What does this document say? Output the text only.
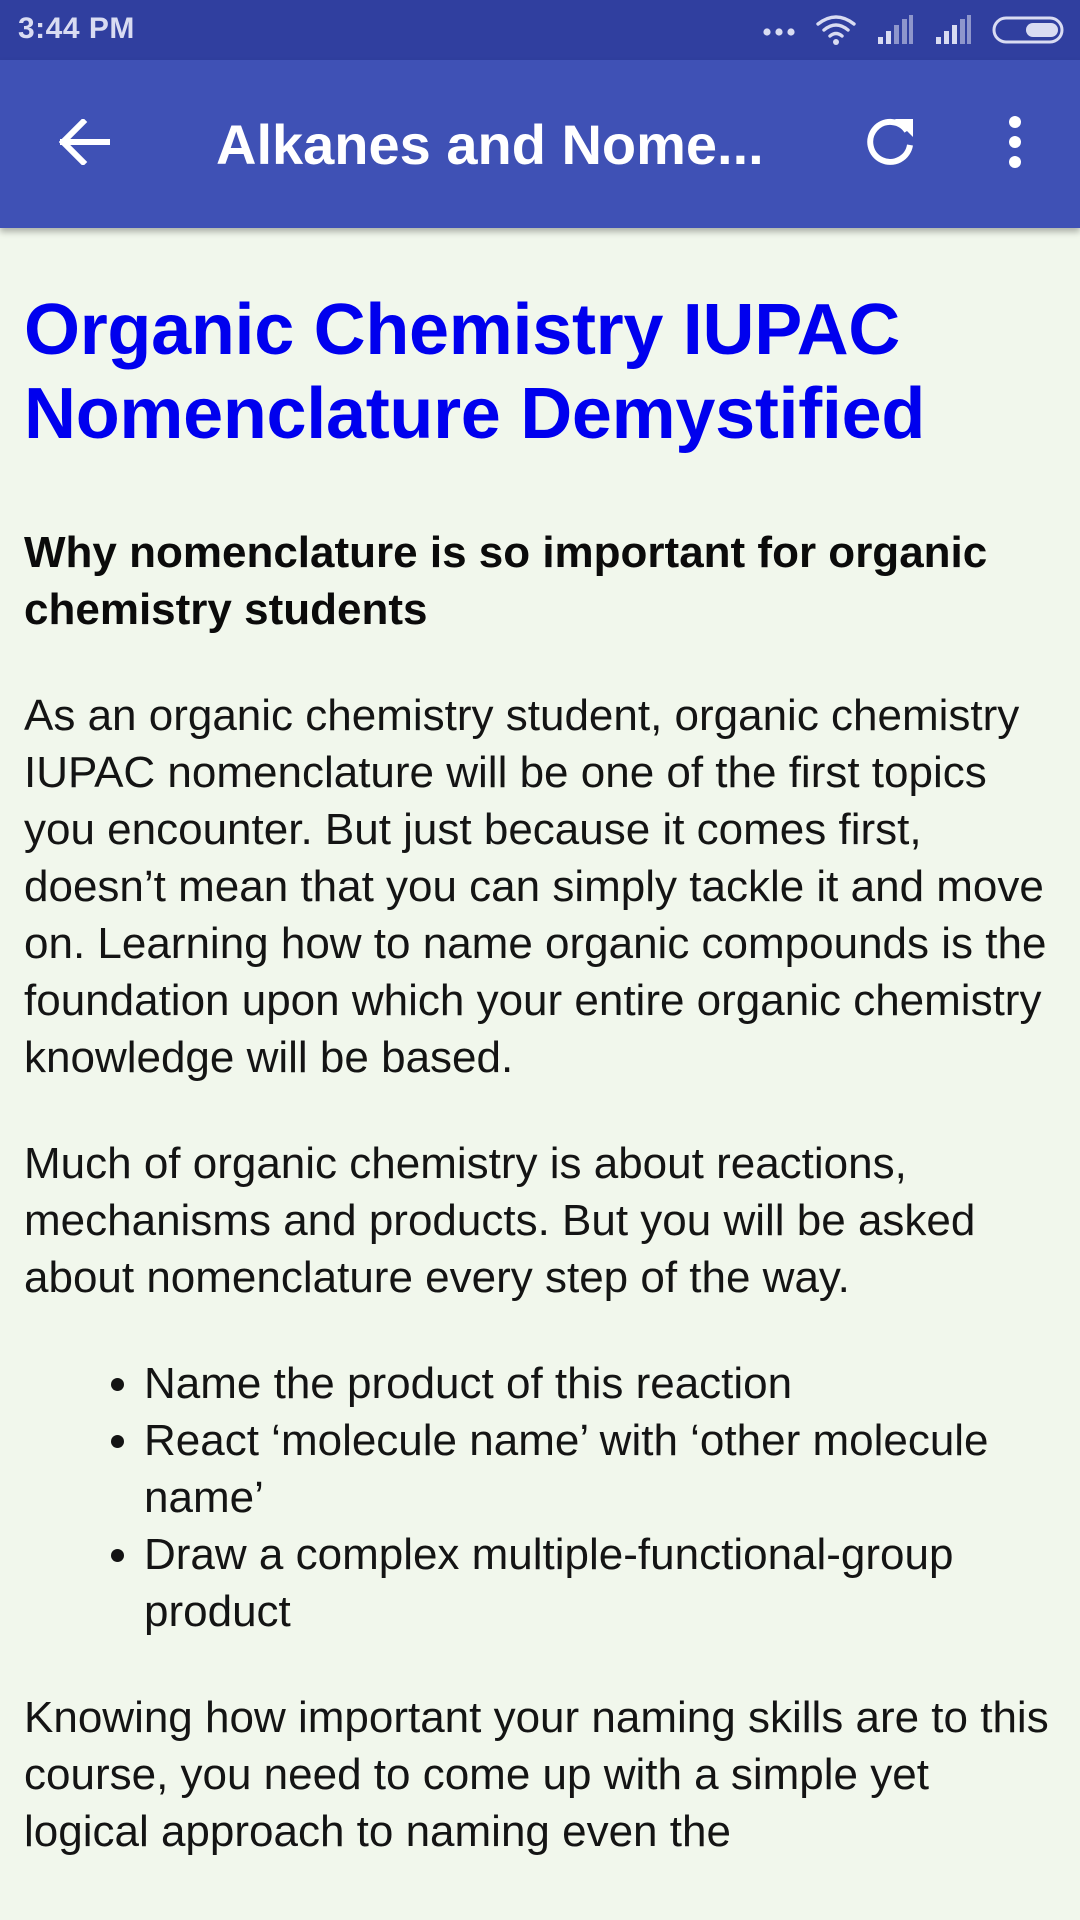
3:44 PM
Alkanes and Nome...
Organic Chemistry IUPAC Nomenclature Demystified

Why nomenclature is so important for organic chemistry students

As an organic chemistry student, organic chemistry IUPAC nomenclature will be one of the first topics you encounter. But just because it comes first, doesn’t mean that you can simply tackle it and move on. Learning how to name organic compounds is the foundation upon which your entire organic chemistry knowledge will be based.

Much of organic chemistry is about reactions, mechanisms and products. But you will be asked about nomenclature every step of the way.

• Name the product of this reaction
• React ‘molecule name’ with ‘other molecule name’
• Draw a complex multiple-functional-group product

Knowing how important your naming skills are to this course, you need to come up with a simple yet logical approach to naming even the
